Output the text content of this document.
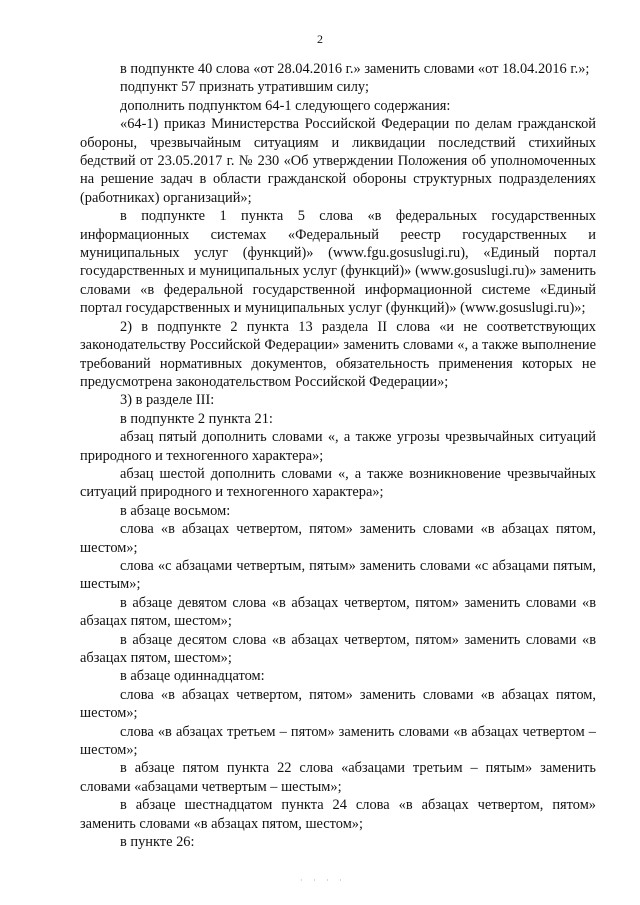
2

в подпункте 40 слова «от 28.04.2016 г.» заменить словами «от 18.04.2016 г.»;

подпункт 57 признать утратившим силу;

дополнить подпунктом 64-1 следующего содержания:

«64-1) приказ Министерства Российской Федерации по делам гражданской обороны, чрезвычайным ситуациям и ликвидации последствий стихийных бедствий от 23.05.2017 г. № 230 «Об утверждении Положения об уполномоченных на решение задач в области гражданской обороны структурных подразделениях (работниках) организаций»;

в подпункте 1 пункта 5 слова «в федеральных государственных информационных системах «Федеральный реестр государственных и муниципальных услуг (функций)» (www.fgu.gosuslugi.ru), «Единый портал государственных и муниципальных услуг (функций)» (www.gosuslugi.ru)» заменить словами «в федеральной государственной информационной системе «Единый портал государственных и муниципальных услуг (функций)» (www.gosuslugi.ru)»;

2) в подпункте 2 пункта 13 раздела II слова «и не соответствующих законодательству Российской Федерации» заменить словами «, а также выполнение требований нормативных документов, обязательность применения которых не предусмотрена законодательством Российской Федерации»;

3) в разделе III:

в подпункте 2 пункта 21:

абзац пятый дополнить словами «, а также угрозы чрезвычайных ситуаций природного и техногенного характера»;

абзац шестой дополнить словами «, а также возникновение чрезвычайных ситуаций природного и техногенного характера»;

в абзаце восьмом:

слова «в абзацах четвертом, пятом» заменить словами «в абзацах пятом, шестом»;

слова «с абзацами четвертым, пятым» заменить словами «с абзацами пятым, шестым»;

в абзаце девятом слова «в абзацах четвертом, пятом» заменить словами «в абзацах пятом, шестом»;

в абзаце десятом слова «в абзацах четвертом, пятом» заменить словами «в абзацах пятом, шестом»;

в абзаце одиннадцатом:

слова «в абзацах четвертом, пятом» заменить словами «в абзацах пятом, шестом»;

слова «в абзацах третьем – пятом» заменить словами «в абзацах четвертом – шестом»;

в абзаце пятом пункта 22 слова «абзацами третьим – пятым» заменить словами «абзацами четвертым – шестым»;

в абзаце шестнадцатом пункта 24 слова «в абзацах четвертом, пятом» заменить словами «в абзацах пятом, шестом»;

в пункте 26:

· · · ·
